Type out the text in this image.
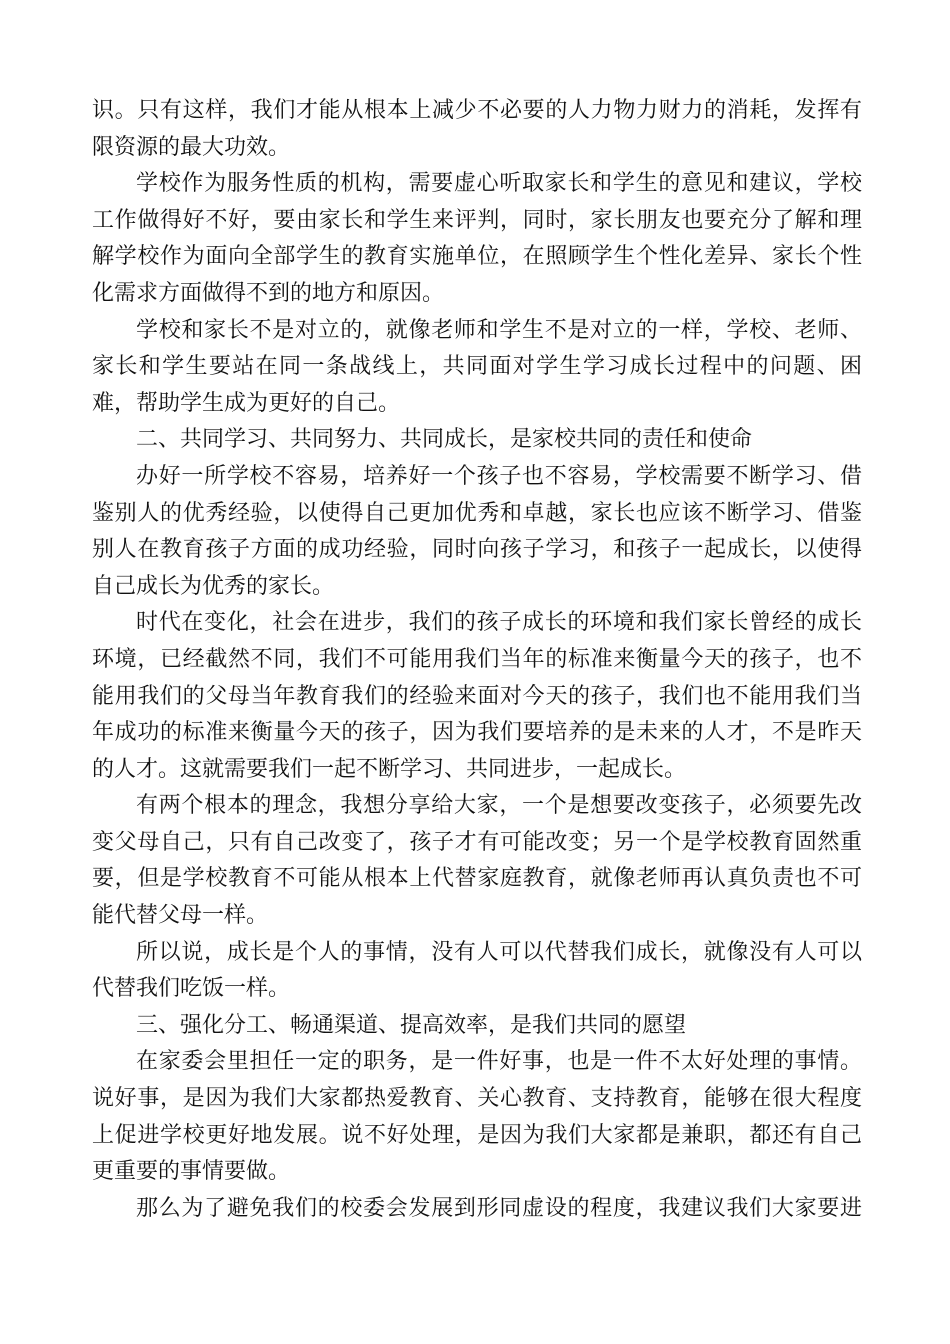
识。只有这样，我们才能从根本上减少不必要的人力物力财力的消耗，发挥有
限资源的最大功效。
学校作为服务性质的机构，需要虚心听取家长和学生的意见和建议，学校
工作做得好不好，要由家长和学生来评判，同时，家长朋友也要充分了解和理
解学校作为面向全部学生的教育实施单位，在照顾学生个性化差异、家长个性
化需求方面做得不到的地方和原因。
学校和家长不是对立的，就像老师和学生不是对立的一样，学校、老师、
家长和学生要站在同一条战线上，共同面对学生学习成长过程中的问题、困
难，帮助学生成为更好的自己。
二、共同学习、共同努力、共同成长，是家校共同的责任和使命
办好一所学校不容易，培养好一个孩子也不容易，学校需要不断学习、借
鉴别人的优秀经验，以使得自己更加优秀和卓越，家长也应该不断学习、借鉴
别人在教育孩子方面的成功经验，同时向孩子学习，和孩子一起成长，以使得
自己成长为优秀的家长。
时代在变化，社会在进步，我们的孩子成长的环境和我们家长曾经的成长
环境，已经截然不同，我们不可能用我们当年的标准来衡量今天的孩子，也不
能用我们的父母当年教育我们的经验来面对今天的孩子，我们也不能用我们当
年成功的标准来衡量今天的孩子，因为我们要培养的是未来的人才，不是昨天
的人才。这就需要我们一起不断学习、共同进步，一起成长。
有两个根本的理念，我想分享给大家，一个是想要改变孩子，必须要先改
变父母自己，只有自己改变了，孩子才有可能改变；另一个是学校教育固然重
要，但是学校教育不可能从根本上代替家庭教育，就像老师再认真负责也不可
能代替父母一样。
所以说，成长是个人的事情，没有人可以代替我们成长，就像没有人可以
代替我们吃饭一样。
三、强化分工、畅通渠道、提高效率，是我们共同的愿望
在家委会里担任一定的职务，是一件好事，也是一件不太好处理的事情。
说好事，是因为我们大家都热爱教育、关心教育、支持教育，能够在很大程度
上促进学校更好地发展。说不好处理，是因为我们大家都是兼职，都还有自己
更重要的事情要做。
那么为了避免我们的校委会发展到形同虚设的程度，我建议我们大家要进
